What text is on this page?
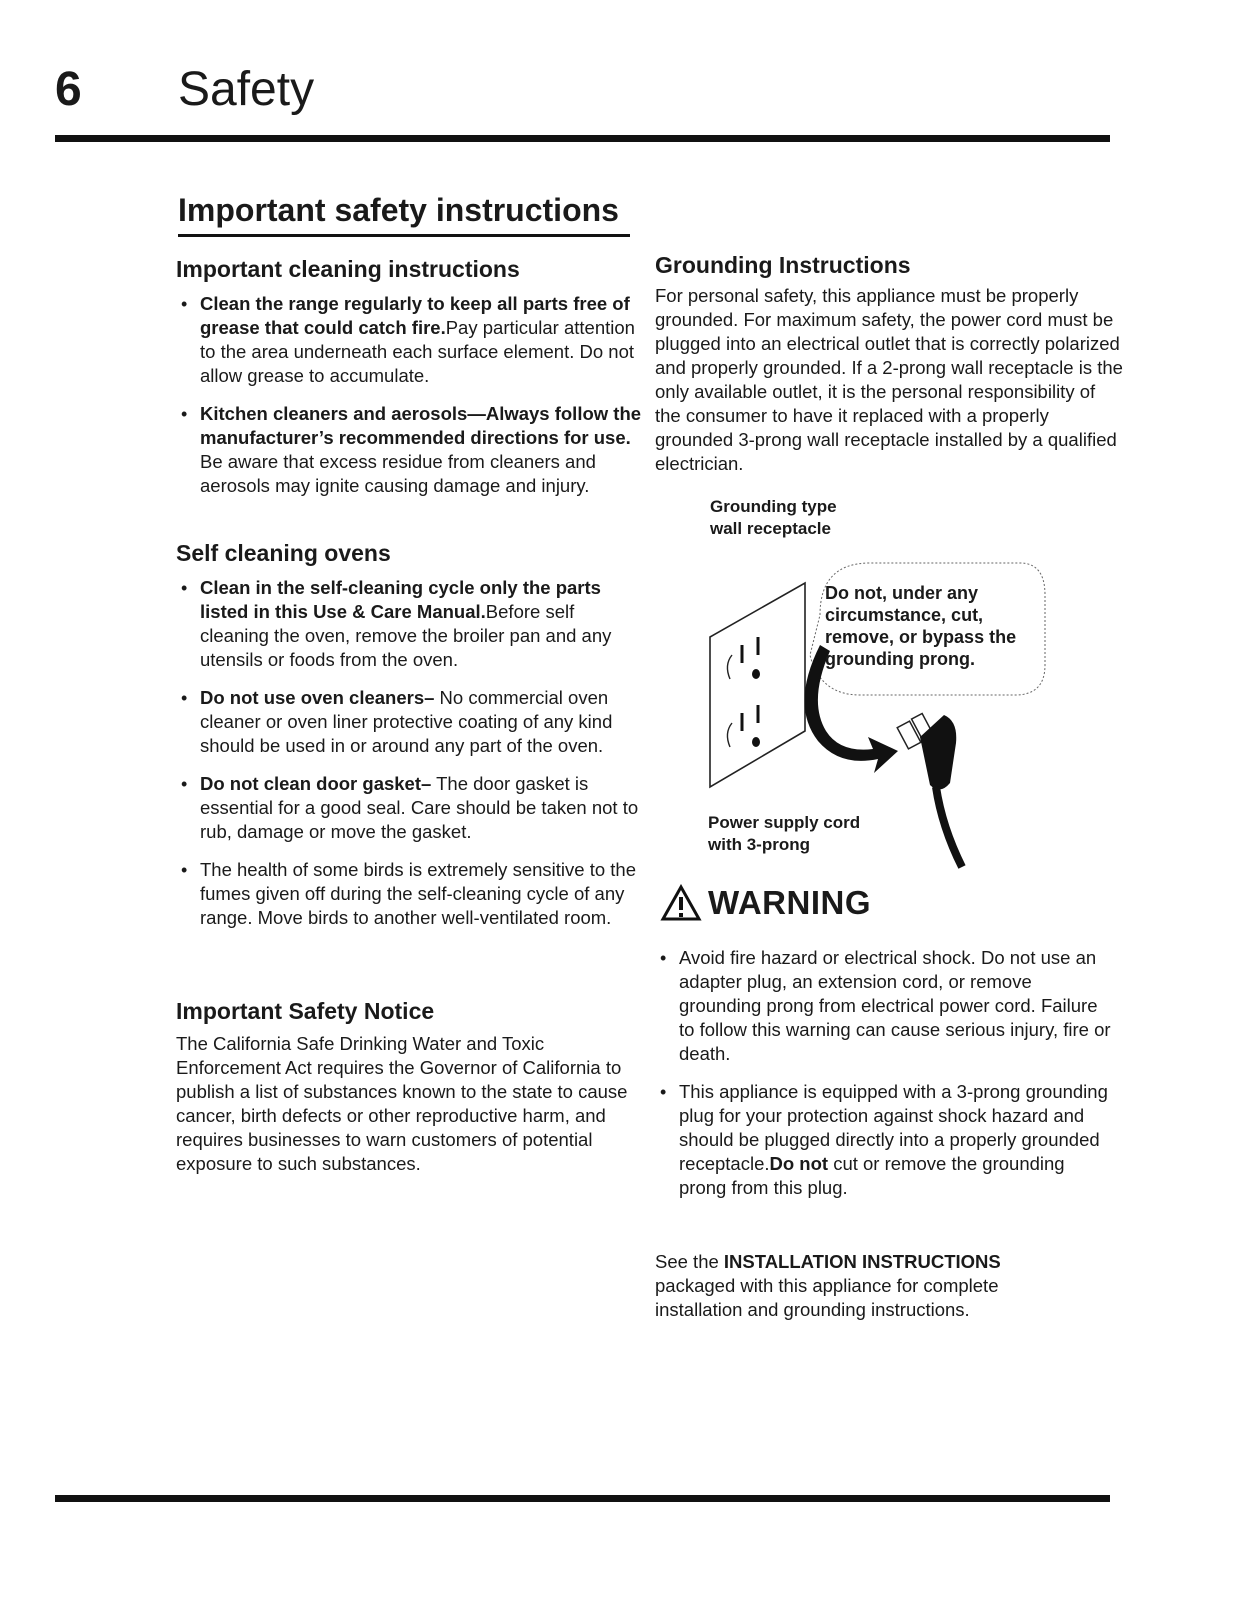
6 Safety
Important safety instructions
Important cleaning instructions
• Clean the range regularly to keep all parts free of grease that could catch fire.Pay particular attention to the area underneath each surface element. Do not allow grease to accumulate.
• Kitchen cleaners and aerosols—Always follow the manufacturer’s recommended directions for use. Be aware that excess residue from cleaners and aerosols may ignite causing damage and injury.
Self cleaning ovens
• Clean in the self-cleaning cycle only the parts listed in this Use & Care Manual.Before self cleaning the oven, remove the broiler pan and any utensils or foods from the oven.
• Do not use oven cleaners– No commercial oven cleaner or oven liner protective coating of any kind should be used in or around any part of the oven.
• Do not clean door gasket– The door gasket is essential for a good seal. Care should be taken not to rub, damage or move the gasket.
• The health of some birds is extremely sensitive to the fumes given off during the self-cleaning cycle of any range. Move birds to another well-ventilated room.
Important Safety Notice

The California Safe Drinking Water and Toxic Enforcement Act requires the Governor of California to publish a list of substances known to the state to cause cancer, birth defects or other reproductive harm, and requires businesses to warn customers of potential exposure to such substances.

Grounding Instructions

For personal safety, this appliance must be properly grounded. For maximum safety, the power cord must be plugged into an electrical outlet that is correctly polarized and properly grounded. If a 2-prong wall receptacle is the only available outlet, it is the personal responsibility of the consumer to have it replaced with a properly grounded 3-prong wall receptacle installed by a qualified electrician.

Grounding type
wall receptacle
Do not, under any
circumstance, cut,
remove, or bypass the
grounding prong.
Power supply cord
with 3-prong
WARNING
• Avoid fire hazard or electrical shock. Do not use an adapter plug, an extension cord, or remove grounding prong from electrical power cord. Failure to follow this warning can cause serious injury, fire or death.
• This appliance is equipped with a 3-prong grounding plug for your protection against shock hazard and should be plugged directly into a properly grounded receptacle.Do not cut or remove the grounding prong from this plug.

See the INSTALLATION INSTRUCTIONS packaged with this appliance for complete installation and grounding instructions.
